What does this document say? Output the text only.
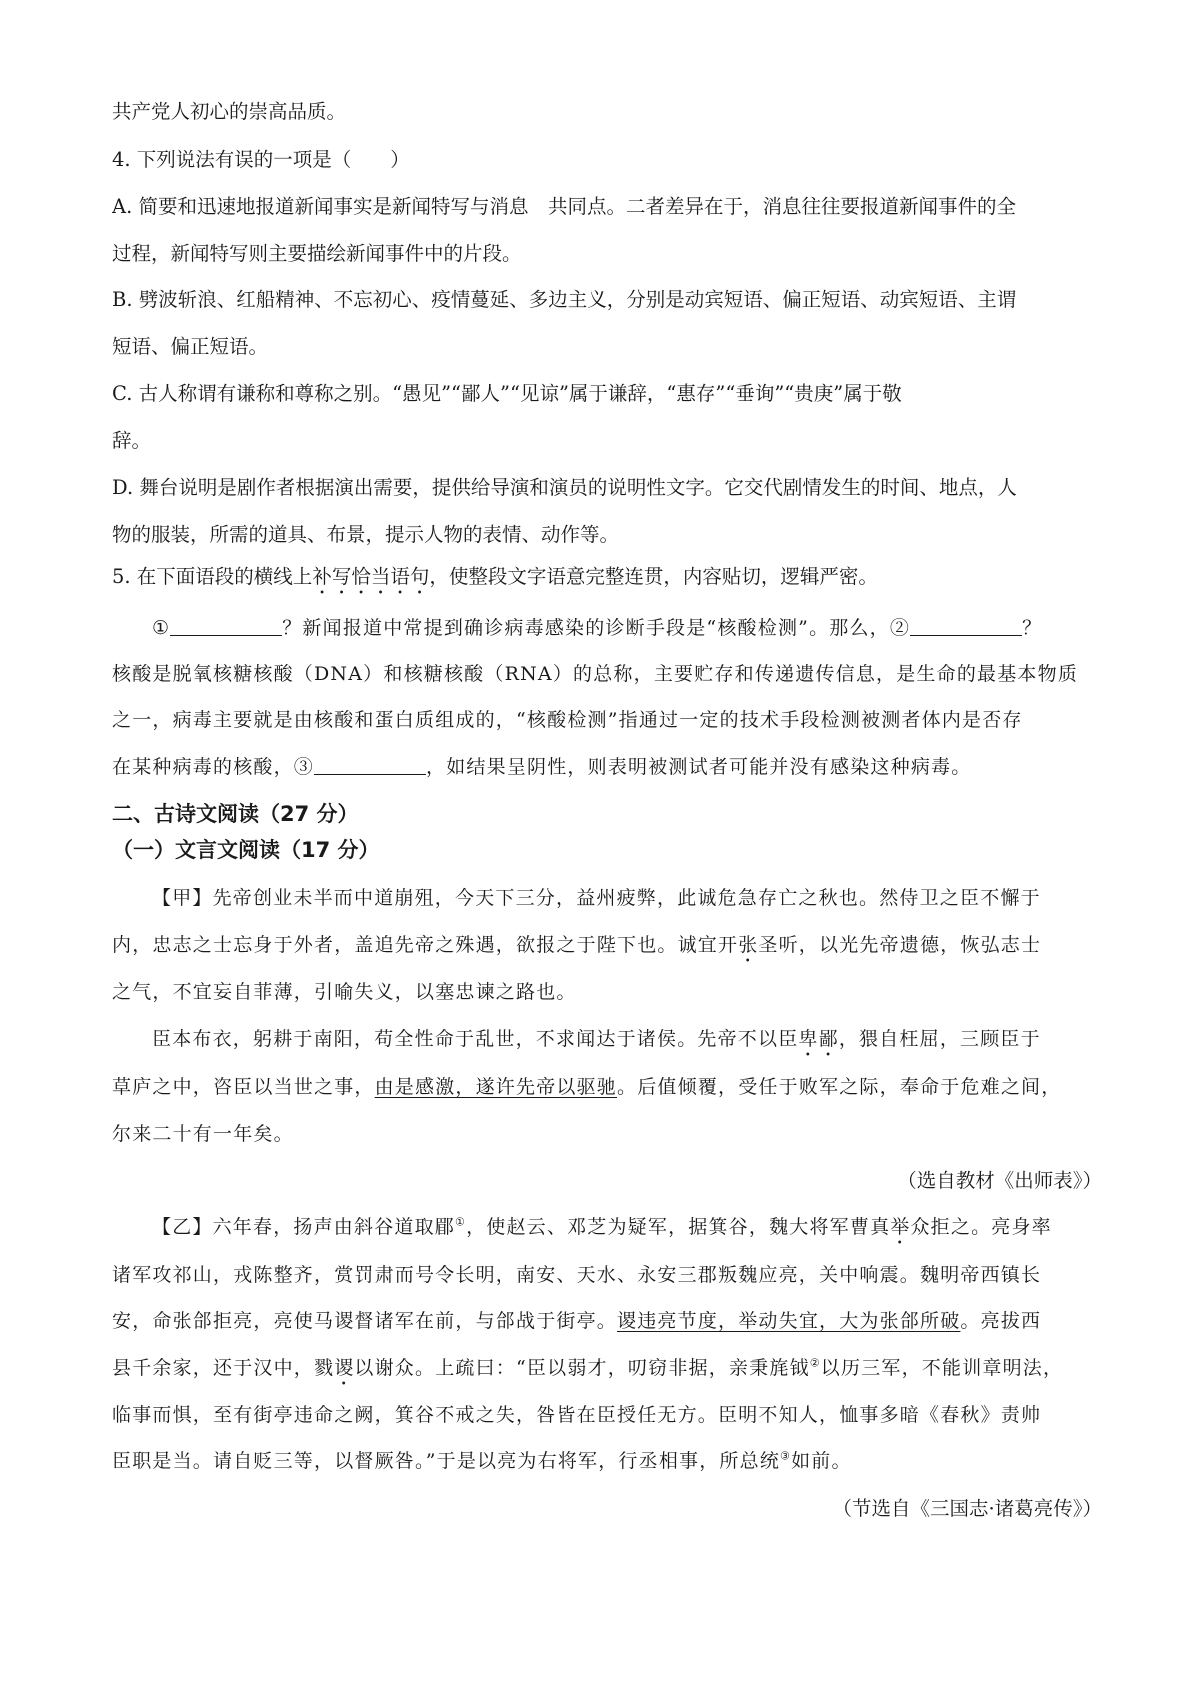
共产党人初心的崇高品质。
4. 下列说法有误的一项是（　　）
A. 简要和迅速地报道新闻事实是新闻特写与消息　共同点。二者差异在于，消息往往要报道新闻事件的全
过程，新闻特写则主要描绘新闻事件中的片段。
B. 劈波斩浪、红船精神、不忘初心、疫情蔓延、多边主义，分别是动宾短语、偏正短语、动宾短语、主谓
短语、偏正短语。
C. 古人称谓有谦称和尊称之别。“愚见”“鄙人”“见谅”属于谦辞，“惠存”“垂询”“贵庚”属于敬
辞。
D. 舞台说明是剧作者根据演出需要，提供给导演和演员的说明性文字。它交代剧情发生的时间、地点，人
物的服装，所需的道具、布景，提示人物的表情、动作等。
5. 在下面语段的横线上补写恰当语句，使整段文字语意完整连贯，内容贴切，逻辑严密。
①	？新闻报道中常提到确诊病毒感染的诊断手段是“核酸检测”。那么，②	？
核酸是脱氧核糖核酸（DNA）和核糖核酸（RNA）的总称，主要贮存和传递遗传信息，是生命的最基本物质
之一，病毒主要就是由核酸和蛋白质组成的，“核酸检测”指通过一定的技术手段检测被测者体内是否存
在某种病毒的核酸，③	，如结果呈阴性，则表明被测试者可能并没有感染这种病毒。
二、古诗文阅读（27 分）
（一）文言文阅读（17 分）
【甲】先帝创业未半而中道崩殂，今天下三分，益州疲弊，此诚危急存亡之秋也。然侍卫之臣不懈于
内，忠志之士忘身于外者，盖追先帝之殊遇，欲报之于陛下也。诚宜开张圣听，以光先帝遗德，恢弘志士
之气，不宜妄自菲薄，引喻失义，以塞忠谏之路也。
臣本布衣，躬耕于南阳，苟全性命于乱世，不求闻达于诸侯。先帝不以臣卑鄙，猥自枉屈，三顾臣于
草庐之中，咨臣以当世之事，由是感激，遂许先帝以驱驰。后值倾覆，受任于败军之际，奉命于危难之间，
尔来二十有一年矣。
（选自教材《出师表》）
【乙】六年春，扬声由斜谷道取郿①，使赵云、邓芝为疑军，据箕谷，魏大将军曹真举众拒之。亮身率
诸军攻祁山，戎陈整齐，赏罚肃而号令长明，南安、天水、永安三郡叛魏应亮，关中响震。魏明帝西镇长
安，命张郃拒亮，亮使马谡督诸军在前，与郃战于街亭。谡违亮节度，举动失宜，大为张郃所破。亮拔西
县千余家，还于汉中，戮谡以谢众。上疏曰：“臣以弱才，叨窃非据，亲秉旄钺②以历三军，不能训章明法，
临事而惧，至有街亭违命之阙，箕谷不戒之失，咎皆在臣授任无方。臣明不知人，恤事多暗《春秋》责帅
臣职是当。请自贬三等，以督厥咎。”于是以亮为右将军，行丞相事，所总统③如前。
（节选自《三国志·诸葛亮传》）
